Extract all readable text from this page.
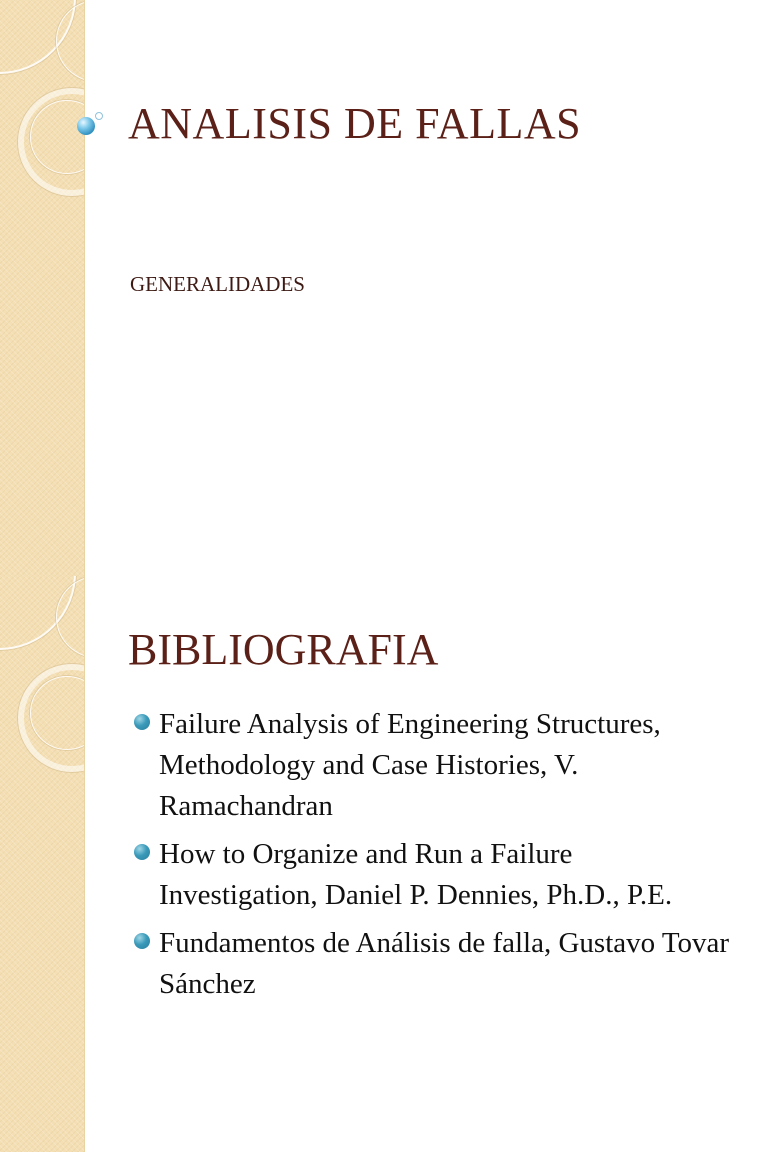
ANALISIS DE FALLAS
GENERALIDADES
BIBLIOGRAFIA
Failure Analysis of Engineering Structures, Methodology and Case Histories, V. Ramachandran
How to Organize and Run a Failure Investigation, Daniel P. Dennies, Ph.D., P.E.
Fundamentos de Análisis de falla, Gustavo Tovar Sánchez
